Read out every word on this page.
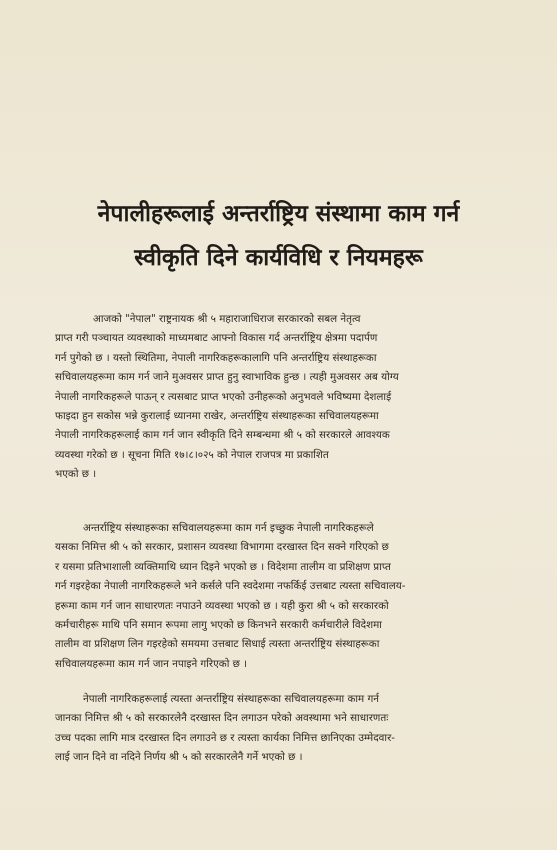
नेपालीहरूलाई अन्तर्राष्ट्रिय संस्थामा काम गर्न
स्वीकृति दिने कार्यविधि र नियमहरू
आजको "नेपाल" राष्ट्रनायक श्री ५ महाराजाधिराज सरकारको सबल नेतृत्व
प्राप्त गरी पञ्चायत व्यवस्थाको माध्यमबाट आफ्नो विकास गर्द अन्तर्राष्ट्रिय क्षेत्रमा पदार्पण
गर्न पुगेको छ । यस्तो स्थितिमा, नेपाली नागरिकहरूकालागि पनि अन्तर्राष्ट्रिय संस्थाहरूका
सचिवालयहरूमा काम गर्न जाने मुअवसर प्राप्त हुनु स्वाभाविक हुन्छ । त्यही मुअवसर अब योग्य
नेपाली नागरिकहरूले पाऊन् र त्यसबाट प्राप्त भएको उनीहरूको अनुभवले भविष्यमा देशलाई
फाइदा हुन सकोस भन्ने कुरालाई ध्यानमा राखेर, अन्तर्राष्ट्रिय संस्थाहरूका सचिवालयहरूमा
नेपाली नागरिकहरूलाई काम गर्न जान स्वीकृति दिने सम्बन्धमा श्री ५ को सरकारले आवश्यक
व्यवस्था गरेको छ । सूचना मिति १७।८।०२५ को नेपाल राजपत्र मा प्रकाशित
भएको छ ।
अन्तर्राष्ट्रिय संस्थाहरूका सचिवालयहरूमा काम गर्न इच्छुक नेपाली नागरिकहरूले
यसका निमित्त श्री ५ को सरकार, प्रशासन व्यवस्था विभागमा दरखास्त दिन सक्ने गरिएको छ
र यसमा प्रतिभाशाली व्यक्तिमाथि ध्यान दिइने भएको छ । विदेशमा तालीम वा प्रशिक्षण प्राप्त
गर्न गइरहेका नेपाली नागरिकहरूले भने कर्सले पनि स्वदेशमा नफर्किई उत्तबाट त्यस्ता सचिवालय-
हरूमा काम गर्न जान साधारणतः नपाउने व्यवस्था भएको छ । यही कुरा श्री ५ को सरकारको
कर्मचारीहरू माथि पनि समान रूपमा लागु भएको छ किनभने सरकारी कर्मचारीले विदेशमा
तालीम वा प्रशिक्षण लिन गइरहेको समयमा उत्तबाट सिधाई त्यस्ता अन्तर्राष्ट्रिय संस्थाहरूका
सचिवालयहरूमा काम गर्न जान नपाइने गरिएको छ ।
नेपाली नागरिकहरूलाई त्यस्ता अन्तर्राष्ट्रिय संस्थाहरूका सचिवालयहरूमा काम गर्न
जानका निमित्त श्री ५ को सरकारलेनै दरखास्त दिन लगाउन परेको अवस्थामा भने साधारणतः
उच्च पदका लागि मात्र दरखास्त दिन लगाउने छ र त्यस्ता कार्यका निमित्त छानिएका उम्मेदवार-
लाई जान दिने वा नदिने निर्णय श्री ५ को सरकारलेनै गर्ने भएको छ ।
